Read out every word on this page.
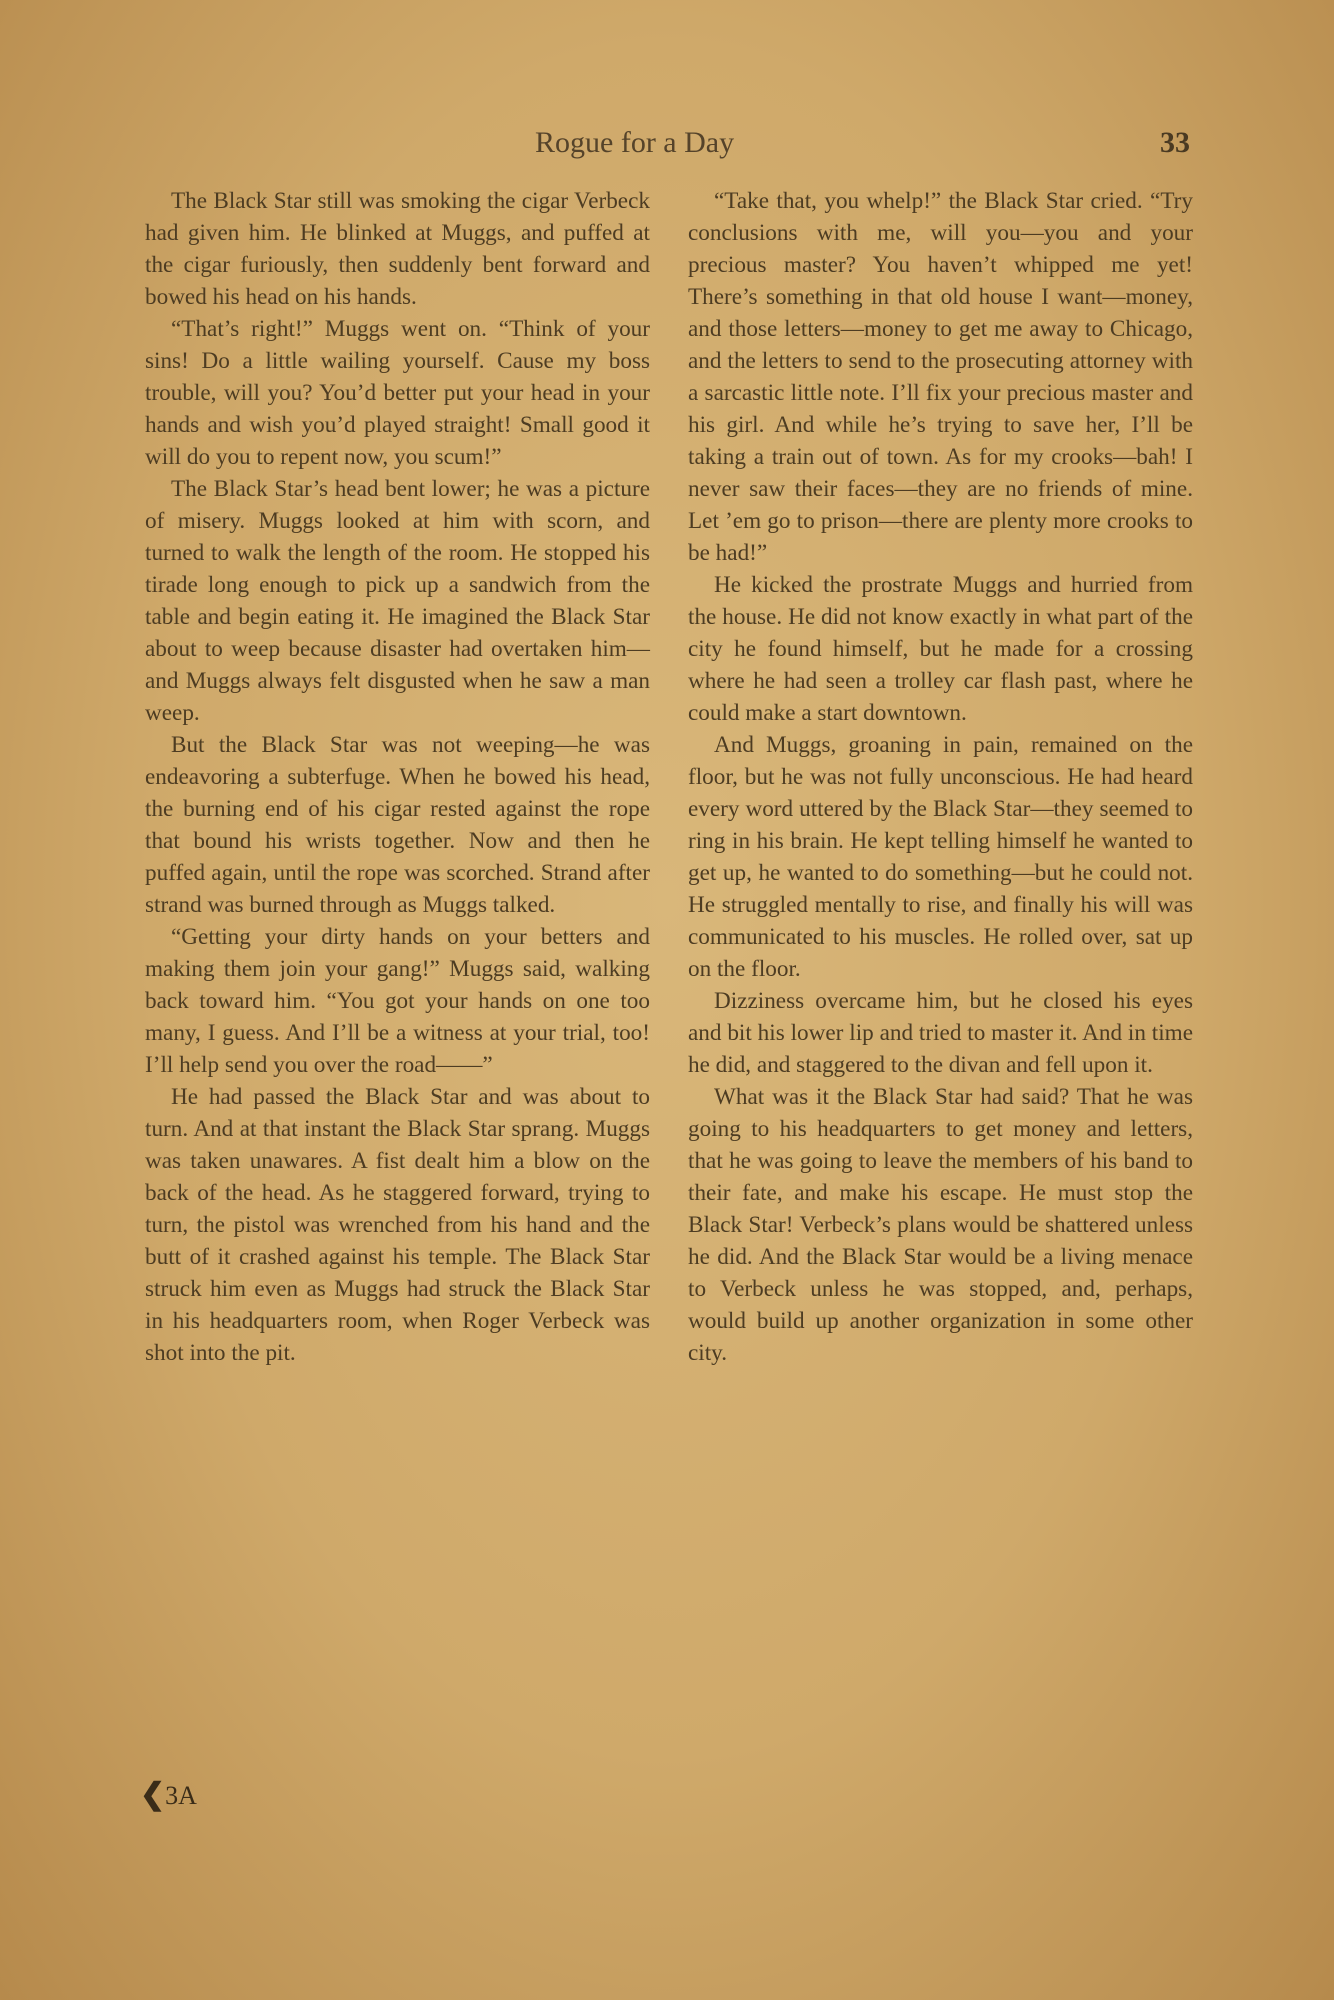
Rogue for a Day	33

The Black Star still was smoking the cigar Verbeck had given him. He blinked at Muggs, and puffed at the cigar furiously, then suddenly bent forward and bowed his head on his hands.

“That’s right!” Muggs went on. “Think of your sins! Do a little wailing yourself. Cause my boss trouble, will you? You’d better put your head in your hands and wish you’d played straight! Small good it will do you to repent now, you scum!”

The Black Star’s head bent lower; he was a picture of misery. Muggs looked at him with scorn, and turned to walk the length of the room. He stopped his tirade long enough to pick up a sandwich from the table and begin eating it. He imagined the Black Star about to weep because disaster had overtaken him—and Muggs always felt disgusted when he saw a man weep.

But the Black Star was not weeping—he was endeavoring a subterfuge. When he bowed his head, the burning end of his cigar rested against the rope that bound his wrists together. Now and then he puffed again, until the rope was scorched. Strand after strand was burned through as Muggs talked.

“Getting your dirty hands on your betters and making them join your gang!” Muggs said, walking back toward him. “You got your hands on one too many, I guess. And I’ll be a witness at your trial, too! I’ll help send you over the road——”

He had passed the Black Star and was about to turn. And at that instant the Black Star sprang. Muggs was taken unawares. A fist dealt him a blow on the back of the head. As he staggered forward, trying to turn, the pistol was wrenched from his hand and the butt of it crashed against his temple. The Black Star struck him even as Muggs had struck the Black Star in his headquarters room, when Roger Verbeck was shot into the pit.

“Take that, you whelp!” the Black Star cried. “Try conclusions with me, will you—you and your precious master? You haven’t whipped me yet! There’s something in that old house I want—money, and those letters—money to get me away to Chicago, and the letters to send to the prosecuting attorney with a sarcastic little note. I’ll fix your precious master and his girl. And while he’s trying to save her, I’ll be taking a train out of town. As for my crooks—bah! I never saw their faces—they are no friends of mine. Let ’em go to prison—there are plenty more crooks to be had!”

He kicked the prostrate Muggs and hurried from the house. He did not know exactly in what part of the city he found himself, but he made for a crossing where he had seen a trolley car flash past, where he could make a start downtown.

And Muggs, groaning in pain, remained on the floor, but he was not fully unconscious. He had heard every word uttered by the Black Star—they seemed to ring in his brain. He kept telling himself he wanted to get up, he wanted to do something—but he could not. He struggled mentally to rise, and finally his will was communicated to his muscles. He rolled over, sat up on the floor.

Dizziness overcame him, but he closed his eyes and bit his lower lip and tried to master it. And in time he did, and staggered to the divan and fell upon it.

What was it the Black Star had said? That he was going to his headquarters to get money and letters, that he was going to leave the members of his band to their fate, and make his escape. He must stop the Black Star! Verbeck’s plans would be shattered unless he did. And the Black Star would be a living menace to Verbeck unless he was stopped, and, perhaps, would build up another organization in some other city.

❮3A
